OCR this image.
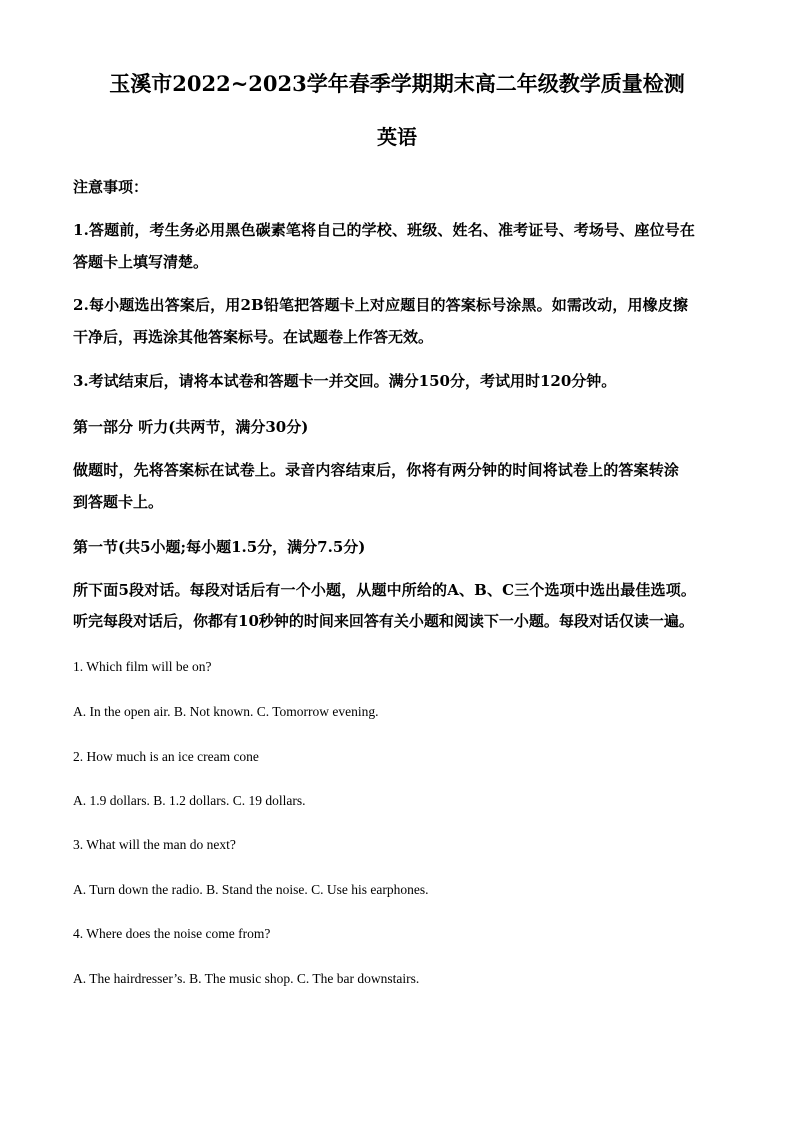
玉溪市2022~2023学年春季学期期末高二年级教学质量检测
英语
注意事项：
1.答题前，考生务必用黑色碳素笔将自己的学校、班级、姓名、准考证号、考场号、座位号在
答题卡上填写清楚。
2.每小题选出答案后，用2B铅笔把答题卡上对应题目的答案标号涂黑。如需改动，用橡皮擦
干净后，再选涂其他答案标号。在试题卷上作答无效。
3.考试结束后，请将本试卷和答题卡一并交回。满分150分，考试用时120分钟。
第一部分 听力(共两节，满分30分)
做题时，先将答案标在试卷上。录音内容结束后，你将有两分钟的时间将试卷上的答案转涂
到答题卡上。
第一节(共5小题;每小题1.5分，满分7.5分)
所下面5段对话。每段对话后有一个小题，从题中所给的A、B、C三个选项中选出最佳选项。
听完每段对话后，你都有10秒钟的时间来回答有关小题和阅读下一小题。每段对话仅读一遍。
1. Which film will be on?
A. In the open air. B. Not known. C. Tomorrow evening.
2. How much is an ice cream cone
A. 1.9 dollars. B. 1.2 dollars. C. 19 dollars.
3. What will the man do next?
A. Turn down the radio. B. Stand the noise. C. Use his earphones.
4. Where does the noise come from?
A. The hairdresser’s. B. The music shop. C. The bar downstairs.
